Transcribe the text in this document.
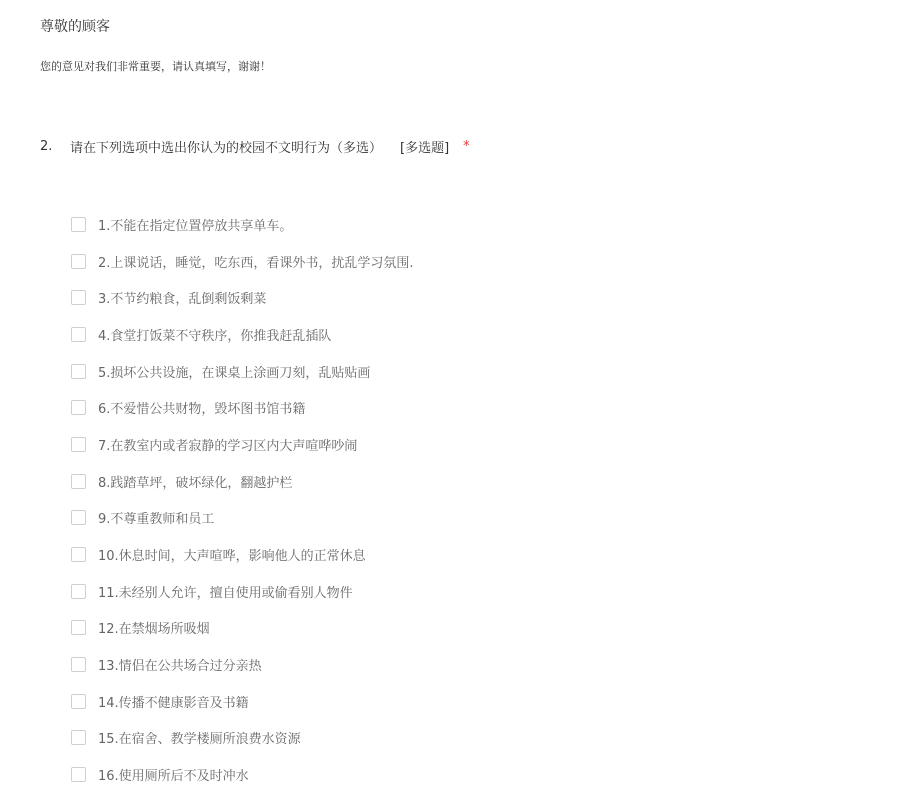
尊敬的顾客
您的意见对我们非常重要，请认真填写，谢谢！
2.	请在下列选项中选出你认为的校园不文明行为（多选） [多选题] *
1.不能在指定位置停放共享单车。
2.上课说话，睡觉，吃东西，看课外书，扰乱学习氛围.
3.不节约粮食，乱倒剩饭剩菜
4.食堂打饭菜不守秩序，你推我赶乱插队
5.损坏公共设施，在课桌上涂画刀刻，乱贴贴画
6.不爱惜公共财物，毁坏图书馆书籍
7.在教室内或者寂静的学习区内大声喧哗吵闹
8.践踏草坪，破坏绿化，翻越护栏
9.不尊重教师和员工
10.休息时间，大声喧哗，影响他人的正常休息
11.未经别人允许，擅自使用或偷看别人物件
12.在禁烟场所吸烟
13.情侣在公共场合过分亲热
14.传播不健康影音及书籍
15.在宿舍、教学楼厕所浪费水资源
16.使用厕所后不及时冲水
